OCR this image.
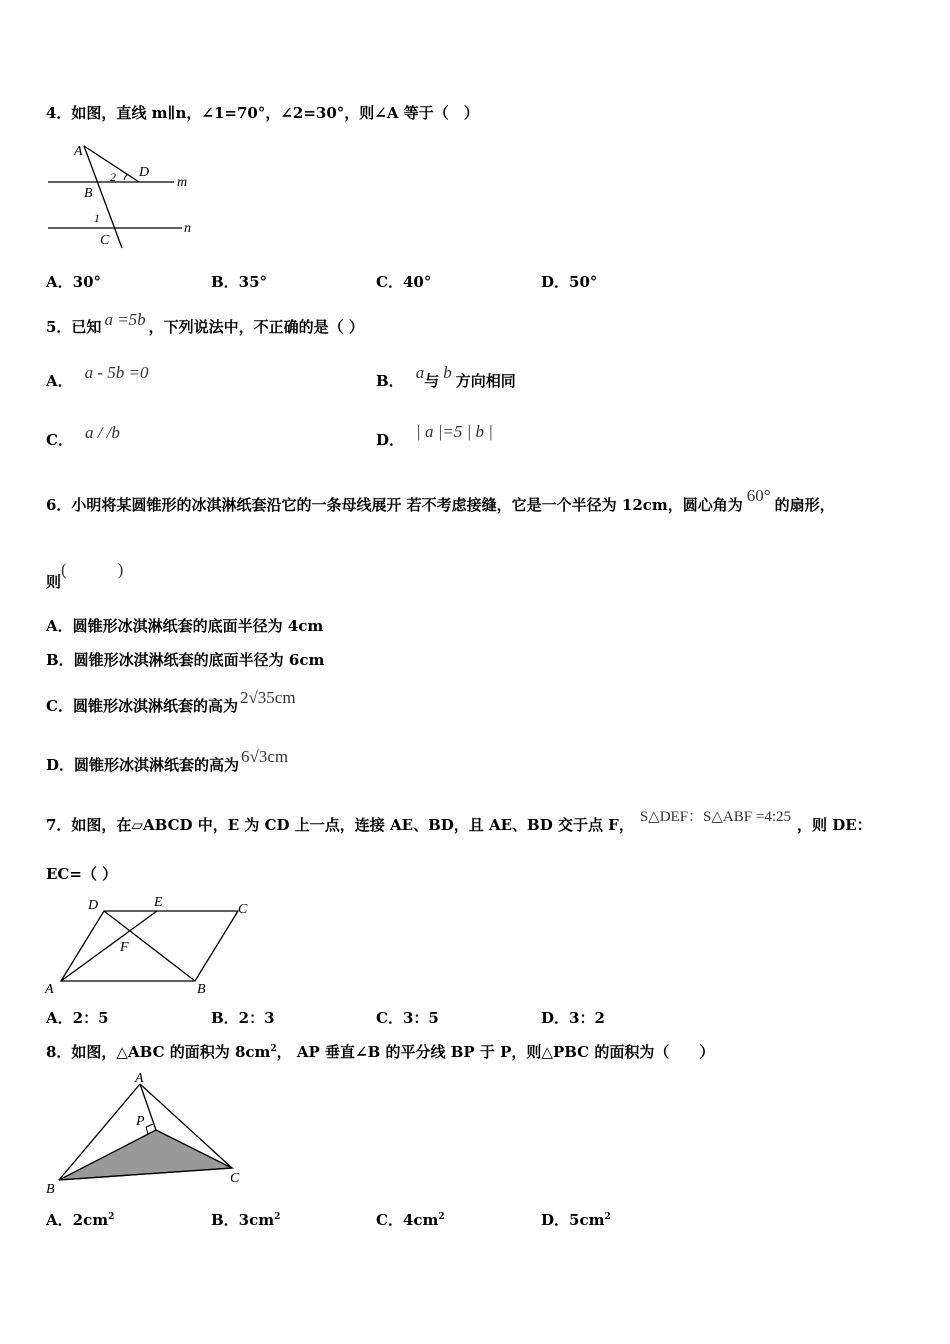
4．如图，直线 m∥n，∠1=70°，∠2=30°，则∠A 等于（　）
A
D
2
B
m
1
C
n
A．30°	B．35°	C．40°	D．50°
5．已知 a =5b ，下列说法中，不正确的是（ ）
A． a - 5b =0	B． a与 b 方向相同
C． a / /b	D． | a |=5 | b |
6．小明将某圆锥形的冰淇淋纸套沿它的一条母线展开 若不考虑接缝，它是一个半径为 12cm，圆心角为 60° 的扇形，
则(　　　)
A．圆锥形冰淇淋纸套的底面半径为 4cm
B．圆锥形冰淇淋纸套的底面半径为 6cm
C．圆锥形冰淇淋纸套的高为 2√35cm
D．圆锥形冰淇淋纸套的高为 6√3cm
7．如图，在▱ABCD 中，E 为 CD 上一点，连接 AE、BD，且 AE、BD 交于点 F， S△DEF：S△ABF =4:25 ，则 DE：
EC=（ ）
D	E	C
F
A	B
A．2：5	B．2：3	C．3：5	D．3：2
8．如图，△ABC 的面积为 $8cm^2$， AP 垂直∠B 的平分线 BP 于 P，则△PBC 的面积为（　　）
A
P
B
C
A．$2cm^2$	B．$3cm^2$	C．$4cm^2$	D．$5cm^2$
